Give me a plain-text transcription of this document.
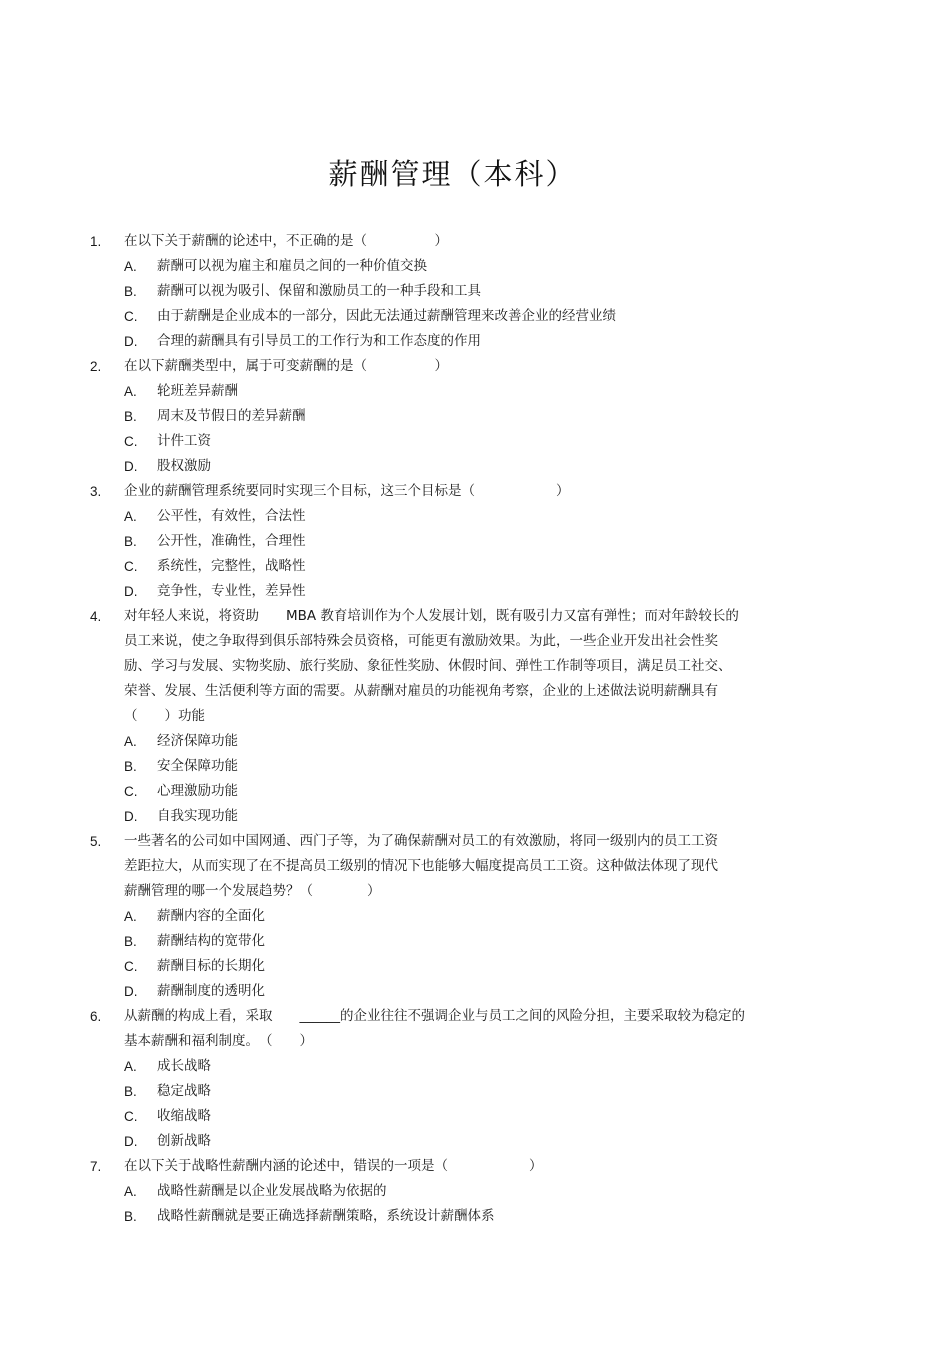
薪酬管理（本科）
1. 在以下关于薪酬的论述中，不正确的是（　　　　　）
A. 薪酬可以视为雇主和雇员之间的一种价值交换
B. 薪酬可以视为吸引、保留和激励员工的一种手段和工具
C. 由于薪酬是企业成本的一部分，因此无法通过薪酬管理来改善企业的经营业绩
D. 合理的薪酬具有引导员工的工作行为和工作态度的作用
2. 在以下薪酬类型中，属于可变薪酬的是（　　　　　）
A. 轮班差异薪酬
B. 周末及节假日的差异薪酬
C. 计件工资
D. 股权激励
3. 企业的薪酬管理系统要同时实现三个目标，这三个目标是（　　　　　　）
A. 公平性，有效性，合法性
B. 公开性，准确性，合理性
C. 系统性，完整性，战略性
D. 竞争性，专业性，差异性
4. 对年轻人来说，将资助　　MBA 教育培训作为个人发展计划，既有吸引力又富有弹性；而对年龄较长的
员工来说，使之争取得到俱乐部特殊会员资格，可能更有激励效果。为此，一些企业开发出社会性奖
励、学习与发展、实物奖励、旅行奖励、象征性奖励、休假时间、弹性工作制等项目，满足员工社交、
荣誉、发展、生活便利等方面的需要。从薪酬对雇员的功能视角考察，企业的上述做法说明薪酬具有
（　　）功能
A. 经济保障功能
B. 安全保障功能
C. 心理激励功能
D. 自我实现功能
5. 一些著名的公司如中国网通、西门子等，为了确保薪酬对员工的有效激励，将同一级别内的员工工资
差距拉大，从而实现了在不提高员工级别的情况下也能够大幅度提高员工工资。这种做法体现了现代
薪酬管理的哪一个发展趋势？（　　　　）
A. 薪酬内容的全面化
B. 薪酬结构的宽带化
C. 薪酬目标的长期化
D. 薪酬制度的透明化
6. 从薪酬的构成上看，采取　　______的企业往往不强调企业与员工之间的风险分担，主要采取较为稳定的
基本薪酬和福利制度。　（　　）
A. 成长战略
B. 稳定战略
C. 收缩战略
D. 创新战略
7. 在以下关于战略性薪酬内涵的论述中，错误的一项是（　　　　　　）
A. 战略性薪酬是以企业发展战略为依据的
B. 战略性薪酬就是要正确选择薪酬策略，系统设计薪酬体系
